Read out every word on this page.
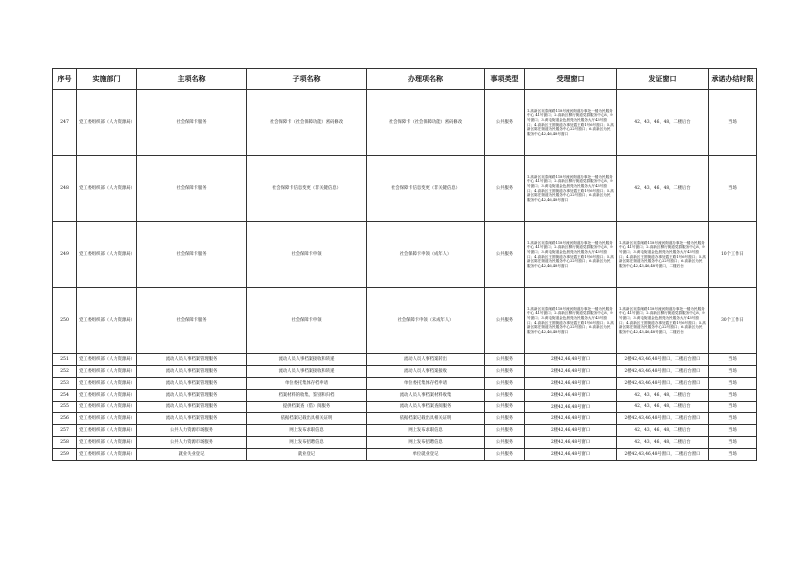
序号	实施部门	主项名称	子项名称	办理项名称	事项类型	受理窗口	发证窗口	承诺办结时限
247	党工委组织部（人力资源局）	社会保障卡服务	社会保障卡（社会保障功能）密码修改	社会保障卡（社会保障功能）密码修改	公共服务	1.高新区吴泰闸路118号流河街道办事处一楼为民服务中心 41号窗口；2.高新区柳行街道党群服务中心8、9号窗口；3.黄屯街道金色晨苑为民服务大厅43号窗口；4.高新区王圆街道办事处霞王路1号6号窗口；5.高新区陈庄街道为民服务中心22号窗口；6.高新区为民服务中心42,46,48号窗口	42、43、46、48，二楼后台	当场
248	党工委组织部（人力资源局）	社会保障卡服务	社会保障卡信息变更（非关键信息）	社会保障卡信息变更（非关键信息）	公共服务	1.高新区吴泰闸路118号流河街道办事处一楼为民服务中心 41号窗口；2.高新区柳行街道党群服务中心8、9号窗口；3.黄屯街道金色晨苑为民服务大厅43号窗口；4.高新区王圆街道办事处霞王路1号6号窗口；5.高新区陈庄街道为民服务中心22号窗口；6.高新区为民服务中心42,46,48号窗口	42、43、46、48，二楼后台	当场
249	党工委组织部（人力资源局）	社会保障卡服务	社会保障卡申领	社会保障卡申领（成年人）	公共服务	1.高新区吴泰闸路118号流河街道办事处一楼为民服务中心 41号窗口；2.高新区柳行街道党群服务中心8、9号窗口；3.黄屯街道金色晨苑为民服务大厅43号窗口；4.高新区王圆街道办事处霞王路1号6号窗口；5.高新区陈庄街道为民服务中心22号窗口；6.高新区为民服务中心42,46,48号窗口	1.高新区吴泰闸路118号流河街道办事处一楼为民服务中心 41号窗口；2.高新区柳行街道党群服务中心8、9号窗口；3.黄屯街道金色晨苑为民服务大厅43号窗口；4.高新区王圆街道办事处霞王路1号6号窗口；5.高新区陈庄街道为民服务中心22号窗口；6.高新区为民服务中心42,43,46,48号窗口，二楼后台	10个工作日
250	党工委组织部（人力资源局）	社会保障卡服务	社会保障卡申领	社会保障卡申领（未成年人）	公共服务	1.高新区吴泰闸路118号流河街道办事处一楼为民服务中心 41号窗口；2.高新区柳行街道党群服务中心8、9号窗口；3.黄屯街道金色晨苑为民服务大厅43号窗口；4.高新区王圆街道办事处霞王路1号6号窗口；5.高新区陈庄街道为民服务中心22号窗口；6.高新区为民服务中心42,46,48号窗口	1.高新区吴泰闸路118号流河街道办事处一楼为民服务中心 41号窗口；2.高新区柳行街道党群服务中心8、9号窗口；3.黄屯街道金色晨苑为民服务大厅43号窗口；4.高新区王圆街道办事处霞王路1号6号窗口；5.高新区陈庄街道为民服务中心22号窗口；6.高新区为民服务中心42,43,46,48号窗口，二楼后台	30个工作日
251	党工委组织部（人力资源局）	流动人员人事档案管理服务	流动人员人事档案接收和转递	流动人员人事档案转出	公共服务	2楼42,46,48号窗口	2楼42,43,46,48号窗口，二楼后台窗口	当场
252	党工委组织部（人力资源局）	流动人员人事档案管理服务	流动人员人事档案接收和转递	流动人员人事档案接收	公共服务	2楼42,46,48号窗口	2楼42,43,46,48号窗口，二楼后台窗口	当场
253	党工委组织部（人力资源局）	流动人员人事档案管理服务	单位委托集体存档申请	单位委托集体存档申请	公共服务	2楼42,46,48号窗口	2楼42,43,46,48号窗口，二楼后台窗口	当场
254	党工委组织部（人力资源局）	流动人员人事档案管理服务	档案材料的收集、鉴别和归档	流动人员人事档案材料收集	公共服务	2楼42,46,48号窗口	42、43、46、48，二楼后台	当场
255	党工委组织部（人力资源局）	流动人员人事档案管理服务	提供档案查（借）阅服务	流动人员人事档案查阅服务	公共服务	2楼42,46,48号窗口	42、43、46、48，二楼后台	当场
256	党工委组织部（人力资源局）	流动人员人事档案管理服务	依据档案记载出具相关证明	依据档案记载出具相关证明	公共服务	2楼42,46,48号窗口	2楼42,43,46,48号窗口，二楼后台窗口	当场
257	党工委组织部（人力资源局）	公共人力资源市场服务	网上发布求职信息	网上发布求职信息	公共服务	2楼42,46,48号窗口	42、43、46、48，二楼后台	当场
258	党工委组织部（人力资源局）	公共人力资源市场服务	网上发布招聘信息	网上发布招聘信息	公共服务	2楼42,46,48号窗口	42、43、46、48，二楼后台	当场
259	党工委组织部（人力资源局）	就业失业登记	就业登记	单位就业登记	公共服务	2楼42,46,48号窗口	2楼42,43,46,48号窗口，二楼后台窗口	当场
